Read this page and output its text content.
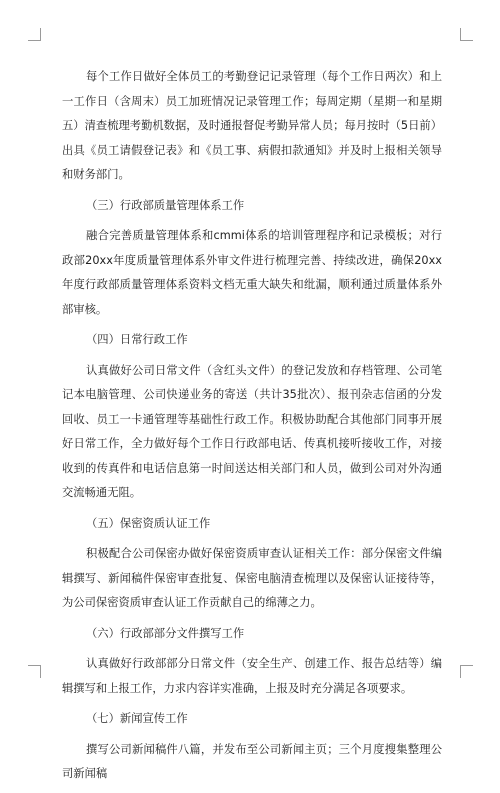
每个工作日做好全体员工的考勤登记记录管理（每个工作日两次）和上一工作日（含周末）员工加班情况记录管理工作；每周定期（星期一和星期五）清查梳理考勤机数据，及时通报督促考勤异常人员；每月按时（5日前）出具《员工请假登记表》和《员工事、病假扣款通知》并及时上报相关领导和财务部门。

（三）行政部质量管理体系工作

融合完善质量管理体系和cmmi体系的培训管理程序和记录模板；对行政部20xx年度质量管理体系外审文件进行梳理完善、持续改进，确保20xx年度行政部质量管理体系资料文档无重大缺失和纰漏，顺利通过质量体系外部审核。

（四）日常行政工作

认真做好公司日常文件（含红头文件）的登记发放和存档管理、公司笔记本电脑管理、公司快递业务的寄送（共计35批次）、报刊杂志信函的分发回收、员工一卡通管理等基础性行政工作。积极协助配合其他部门同事开展好日常工作，全力做好每个工作日行政部电话、传真机接听接收工作，对接收到的传真件和电话信息第一时间送达相关部门和人员，做到公司对外沟通交流畅通无阻。

（五）保密资质认证工作

积极配合公司保密办做好保密资质审查认证相关工作：部分保密文件编辑撰写、新闻稿件保密审查批复、保密电脑清查梳理以及保密认证接待等，为公司保密资质审查认证工作贡献自己的绵薄之力。

（六）行政部部分文件撰写工作

认真做好行政部部分日常文件（安全生产、创建工作、报告总结等）编辑撰写和上报工作，力求内容详实准确，上报及时充分满足各项要求。

（七）新闻宣传工作

撰写公司新闻稿件八篇，并发布至公司新闻主页；三个月度搜集整理公司新闻稿
